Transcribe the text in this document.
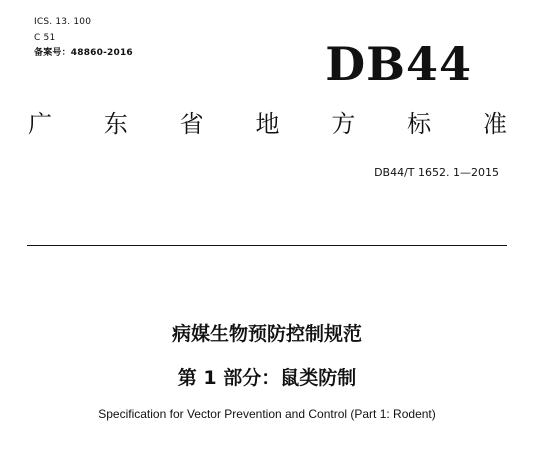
ICS. 13. 100
C 51
备案号：48860-2016	DB44
广 东 省 地 方 标 准
DB44/T 1652. 1—2015
病媒生物预防控制规范
第 1 部分：鼠类防制
Specification for Vector Prevention and Control (Part 1: Rodent)
